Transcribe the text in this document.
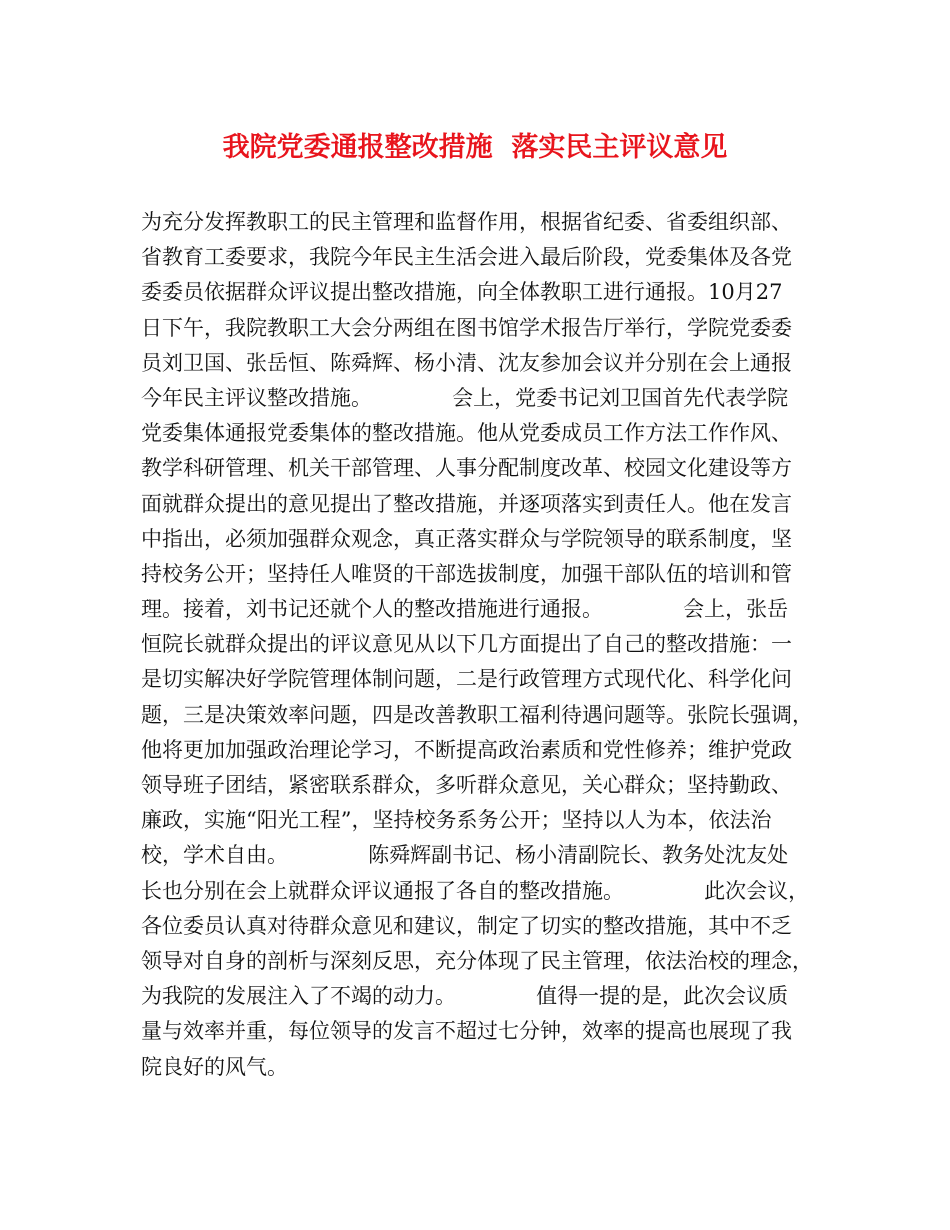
我院党委通报整改措施  落实民主评议意见
为充分发挥教职工的民主管理和监督作用，根据省纪委、省委组织部、
省教育工委要求，我院今年民主生活会进入最后阶段，党委集体及各党
委委员依据群众评议提出整改措施，向全体教职工进行通报。10月27
日下午，我院教职工大会分两组在图书馆学术报告厅举行，学院党委委
员刘卫国、张岳恒、陈舜辉、杨小清、沈友参加会议并分别在会上通报
今年民主评议整改措施。            会上，党委书记刘卫国首先代表学院
党委集体通报党委集体的整改措施。他从党委成员工作方法工作作风、
教学科研管理、机关干部管理、人事分配制度改革、校园文化建设等方
面就群众提出的意见提出了整改措施，并逐项落实到责任人。他在发言
中指出，必须加强群众观念，真正落实群众与学院领导的联系制度，坚
持校务公开；坚持任人唯贤的干部选拔制度，加强干部队伍的培训和管
理。接着，刘书记还就个人的整改措施进行通报。            会上，张岳
恒院长就群众提出的评议意见从以下几方面提出了自己的整改措施：一
是切实解决好学院管理体制问题，二是行政管理方式现代化、科学化问
题，三是决策效率问题，四是改善教职工福利待遇问题等。张院长强调，
他将更加加强政治理论学习，不断提高政治素质和党性修养；维护党政
领导班子团结，紧密联系群众，多听群众意见，关心群众；坚持勤政、
廉政，实施“阳光工程”，坚持校务系务公开；坚持以人为本，依法治
校，学术自由。            陈舜辉副书记、杨小清副院长、教务处沈友处
长也分别在会上就群众评议通报了各自的整改措施。            此次会议，
各位委员认真对待群众意见和建议，制定了切实的整改措施，其中不乏
领导对自身的剖析与深刻反思，充分体现了民主管理，依法治校的理念，
为我院的发展注入了不竭的动力。            值得一提的是，此次会议质
量与效率并重，每位领导的发言不超过七分钟，效率的提高也展现了我
院良好的风气。
